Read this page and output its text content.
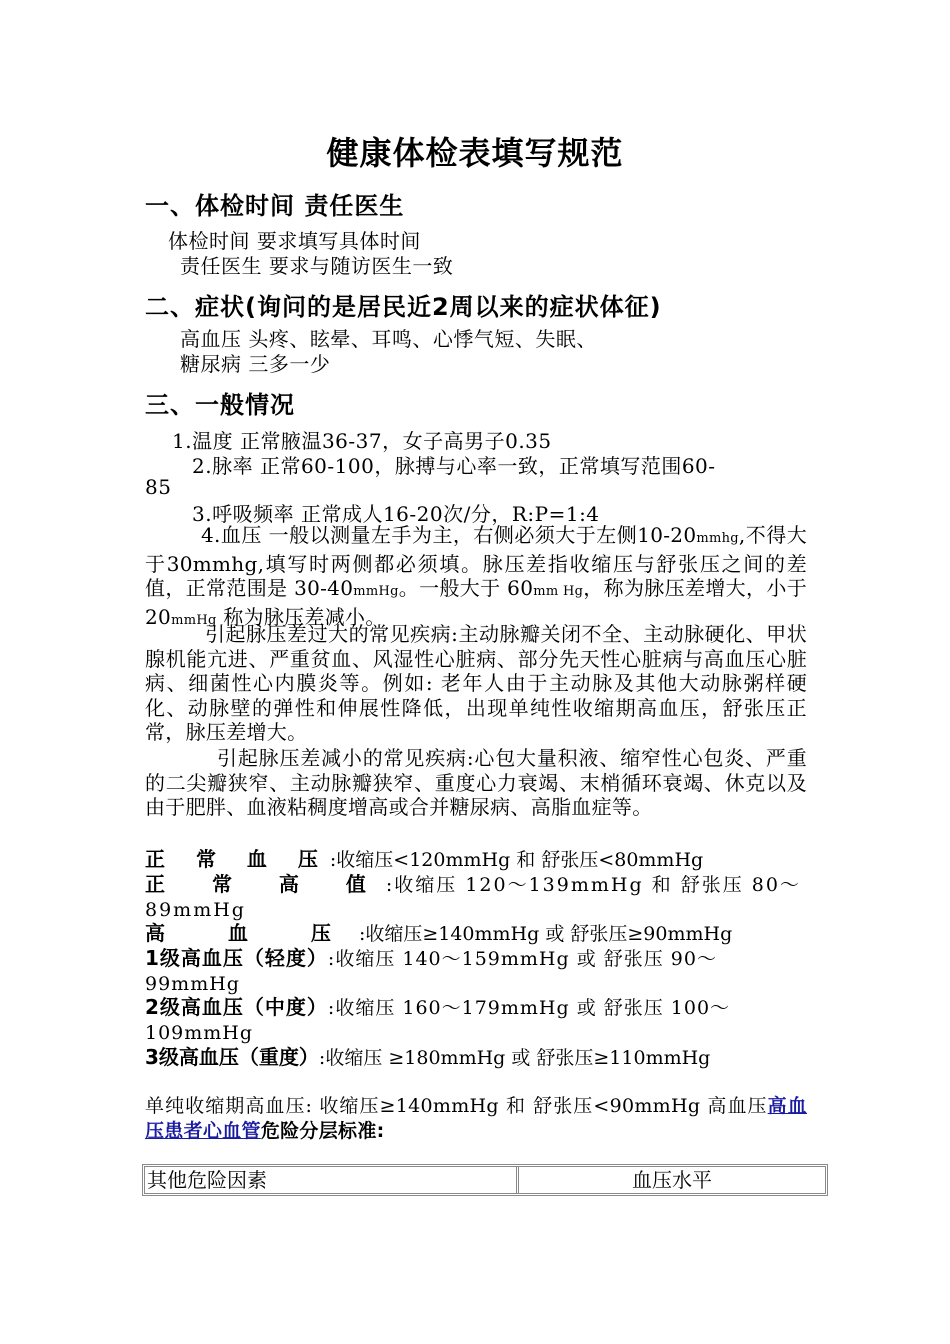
健康体检表填写规范
一、体检时间 责任医生
体检时间 要求填写具体时间
责任医生 要求与随访医生一致
二、症状(询问的是居民近2周以来的症状体征)
高血压 头疼、眩晕、耳鸣、心悸气短、失眠、
糖尿病 三多一少
三、一般情况
1.温度 正常腋温36-37，女子高男子0.35
2.脉率 正常60-100，脉搏与心率一致，正常填写范围60-
85
3.呼吸频率 正常成人16-20次/分，R:P=1:4
4.血压 一般以测量左手为主，右侧必须大于左侧10-20mmhg,不得大于30mmhg,填写时两侧都必须填。脉压差指收缩压与舒张压之间的差值，正常范围是 30-40mmHg。一般大于 60mm Hg，称为脉压差增大，小于 20mmHg 称为脉压差减小。
引起脉压差过大的常见疾病:主动脉瓣关闭不全、主动脉硬化、甲状腺机能亢进、严重贫血、风湿性心脏病、部分先天性心脏病与高血压心脏病、细菌性心内膜炎等。例如: 老年人由于主动脉及其他大动脉粥样硬化、动脉壁的弹性和伸展性降低，出现单纯性收缩期高血压，舒张压正常，脉压差增大。
引起脉压差减小的常见疾病:心包大量积液、缩窄性心包炎、严重的二尖瓣狭窄、主动脉瓣狭窄、重度心力衰竭、末梢循环衰竭、休克以及由于肥胖、血液粘稠度增高或合并糖尿病、高脂血症等。
正 常 血 压:收缩压<120mmHg 和 舒张压<80mmHg
正 常 高 值:收缩压 120～139mmHg 和 舒张压 80～89mmHg
高 血 压:收缩压≥140mmHg 或 舒张压≥90mmHg
1级高血压（轻度）:收缩压 140～159mmHg 或 舒张压 90～99mmHg
2级高血压（中度）:收缩压 160～179mmHg 或 舒张压 100～109mmHg
3级高血压（重度）:收缩压 ≥180mmHg 或 舒张压≥110mmHg
单纯收缩期高血压: 收缩压≥140mmHg 和 舒张压<90mmHg 高血压高血压患者心血管危险分层标准:
其他危险因素	血压水平
